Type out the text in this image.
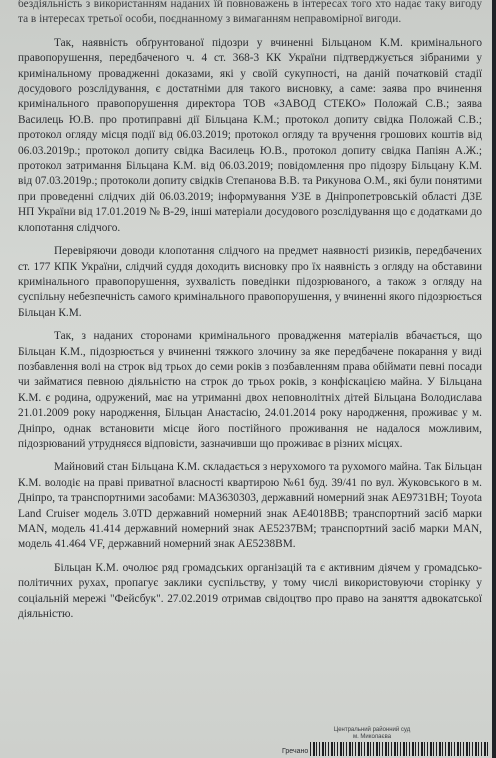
бездіяльність з використанням наданих їй повноважень в інтересах того хто надає таку вигоду та в інтересах третьої особи, поєднанному з вимаганням неправомірної вигоди.

Так, наявність обґрунтованої підозри у вчиненні Більцаном К.М. кримінального правопорушення, передбаченого ч. 4 ст. 368-3 КК України підтверджується зібраними у кримінальному провадженні доказами, які у своїй сукупності, на даній початковій стадії досудового розслідування, є достатніми для такого висновку, а саме: заява про вчинення кримінального правопорушення директора ТОВ «ЗАВОД СТЕКО» Положай С.В.; заява Василець Ю.В. про протиправні дії Більцана К.М.; протокол допиту свідка Положай С.В.; протокол огляду місця події від 06.03.2019; протокол огляду та вручення грошових коштів від 06.03.2019р.; протокол допиту свідка Василець Ю.В., протокол допиту свідка Папіян А.Ж.; протокол затримання Більцана К.М. від 06.03.2019; повідомлення про підозру Більцану К.М. від 07.03.2019р.; протоколи допиту свідків Степанова В.В. та Рикунова О.М., які були понятими при проведенні слідчих дій 06.03.2019; інформування УЗЕ в Дніпропетровській області ДЗЕ НП України від 17.01.2019 № В-29, інші матеріали досудового розслідування що є додатками до клопотання слідчого.

Перевіряючи доводи клопотання слідчого на предмет наявності ризиків, передбачених ст. 177 КПК України, слідчий суддя доходить висновку про їх наявність з огляду на обставини кримінального правопорушення, зухвалість поведінки підозрюваного, а також з огляду на суспільну небезпечність самого кримінального правопорушення, у вчиненні якого підозрюється Більцан К.М.

Так, з наданих сторонами кримінального провадження матеріалів вбачається, що Більцан К.М., підозрюється у вчиненні тяжкого злочину за яке передбачене покарання у виді позбавлення волі на строк від трьох до семи років з позбавленням права обіймати певні посади чи займатися певною діяльністю на строк до трьох років, з конфіскацією майна. У Більцана К.М. є родина, одружений, має на утриманні двох неповнолітніх дітей Більцана Володислава 21.01.2009 року народження, Більцан Анастасію, 24.01.2014 року народження, проживає у м. Дніпро, однак встановити місце його постійного проживання не надалося можливим, підозрюваний утрудняєся відповісти, зазначивши що проживає в різних місцях.

Майновий стан Більцана К.М. складається з нерухомого та рухомого майна. Так Більцан К.М. володіє на праві приватної власності квартирою №61 буд. 39/41 по вул. Жуковського в м. Дніпро, та транспортними засобами: МА3630303, державний номерний знак АЕ9731ВН; Toyota Land Cruiser модель 3.0TD державний номерний знак АЕ4018ВВ; транспортний засіб марки MAN, модель 41.414 державний номерний знак АЕ5237ВМ; транспортний засіб марки MAN, модель 41.464 VF, державний номерний знак АЕ5238ВМ.

Більцан К.М. очолює ряд громадських організацій та є активним діячем у громадсько-політичних рухах, пропагує заклики суспільству, у тому числі використовуючи сторінку у соціальній мережі "Фейсбук". 27.02.2019 отримав свідоцтво про право на заняття адвокатської діяльністю.

Центральний районний суд
м. Миколаєва
Гречано
